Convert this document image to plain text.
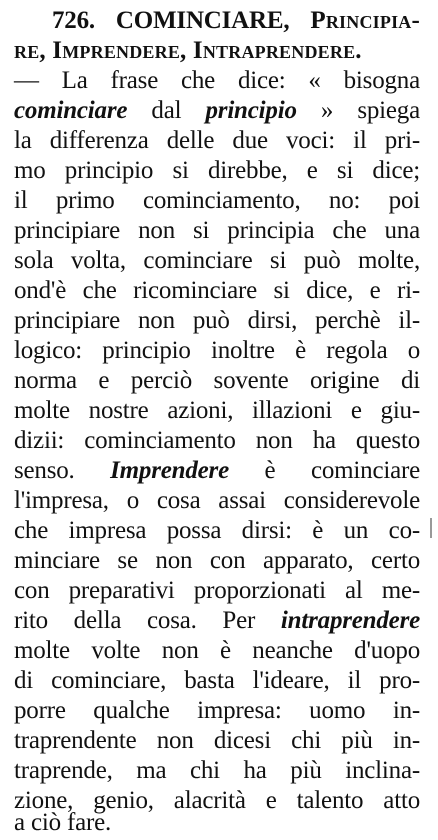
726. COMINCIARE, Principia-
re, Imprendere, Intraprendere.
— La frase che dice: « bisogna
cominciare dal principio » spiega
la differenza delle due voci: il pri-
mo principio si direbbe, e si dice;
il primo cominciamento, no: poi
principiare non si principia che una
sola volta, cominciare si può molte,
ond'è che ricominciare si dice, e ri-
principiare non può dirsi, perchè il-
logico: principio inoltre è regola o
norma e perciò sovente origine di
molte nostre azioni, illazioni e giu-
dizii: cominciamento non ha questo
senso. Imprendere è cominciare
l'impresa, o cosa assai considerevole
che impresa possa dirsi: è un co-
minciare se non con apparato, certo
con preparativi proporzionati al me-
rito della cosa. Per intraprendere
molte volte non è neanche d'uopo
di cominciare, basta l'ideare, il pro-
porre qualche impresa: uomo in-
traprendente non dicesi chi più in-
traprende, ma chi ha più inclina-
zione, genio, alacrità e talento atto
a ciò fare.
